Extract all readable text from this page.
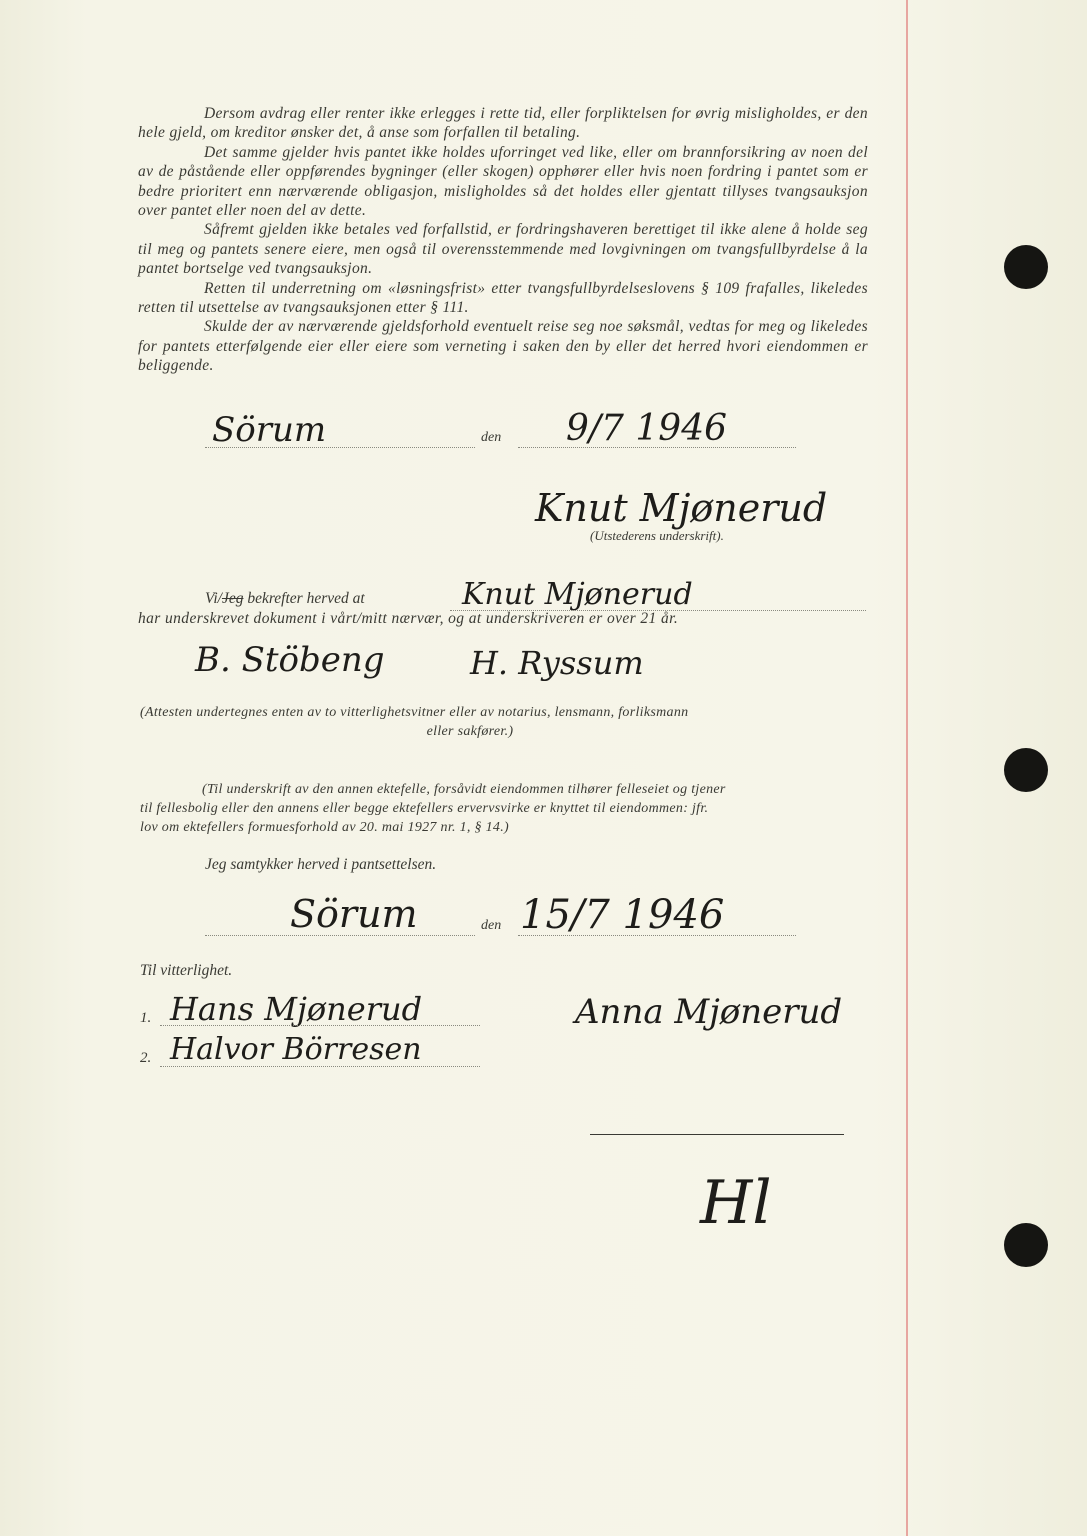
Dersom avdrag eller renter ikke erlegges i rette tid, eller forpliktelsen for øvrig misligholdes, er den hele gjeld, om kreditor ønsker det, å anse som forfallen til betaling.

Det samme gjelder hvis pantet ikke holdes uforringet ved like, eller om brannforsikring av noen del av de påstående eller oppførendes bygninger (eller skogen) opphører eller hvis noen fordring i pantet som er bedre prioritert enn nærværende obligasjon, misligholdes så det holdes eller gjentatt tillyses tvangsauksjon over pantet eller noen del av dette.

Såfremt gjelden ikke betales ved forfallstid, er fordringshaveren berettiget til ikke alene å holde seg til meg og pantets senere eiere, men også til overensstemmende med lovgivningen om tvangsfullbyrdelse å la pantet bortselge ved tvangsauksjon.

Retten til underretning om «løsningsfrist» etter tvangsfullbyrdelseslovens § 109 frafalles, likeledes retten til utsettelse av tvangsauksjonen etter § 111.

Skulde der av nærværende gjeldsforhold eventuelt reise seg noe søksmål, vedtas for meg og likeledes for pantets etterfølgende eier eller eiere som verneting i saken den by eller det herred hvori eiendommen er beliggende.

Sörum	den 9/7 1946
Knut Mjønerud
(Utstederens underskrift).
Vi/Jeg bekrefter herved at	Knut Mjønerud
har underskrevet dokument i vårt/mitt nærvær, og at underskriveren er over 21 år.
B. Stöbeng	H. Ryssum

(Attesten undertegnes enten av to vitterlighetsvitner eller av notarius, lensmann, forliksmann

eller sakfører.)

(Til underskrift av den annen ektefelle, forsåvidt eiendommen tilhører felleseiet og tjener

til fellesbolig eller den annens eller begge ektefellers ervervsvirke er knyttet til eiendommen: jfr.

lov om ektefellers formuesforhold av 20. mai 1927 nr. 1, § 14.)

Jeg samtykker herved i pantsettelsen.
Sörum	den 15/7 1946
Til vitterlighet.
1. Hans Mjønerud
2. Halvor Börresen
Anna Mjønerud
Hl
